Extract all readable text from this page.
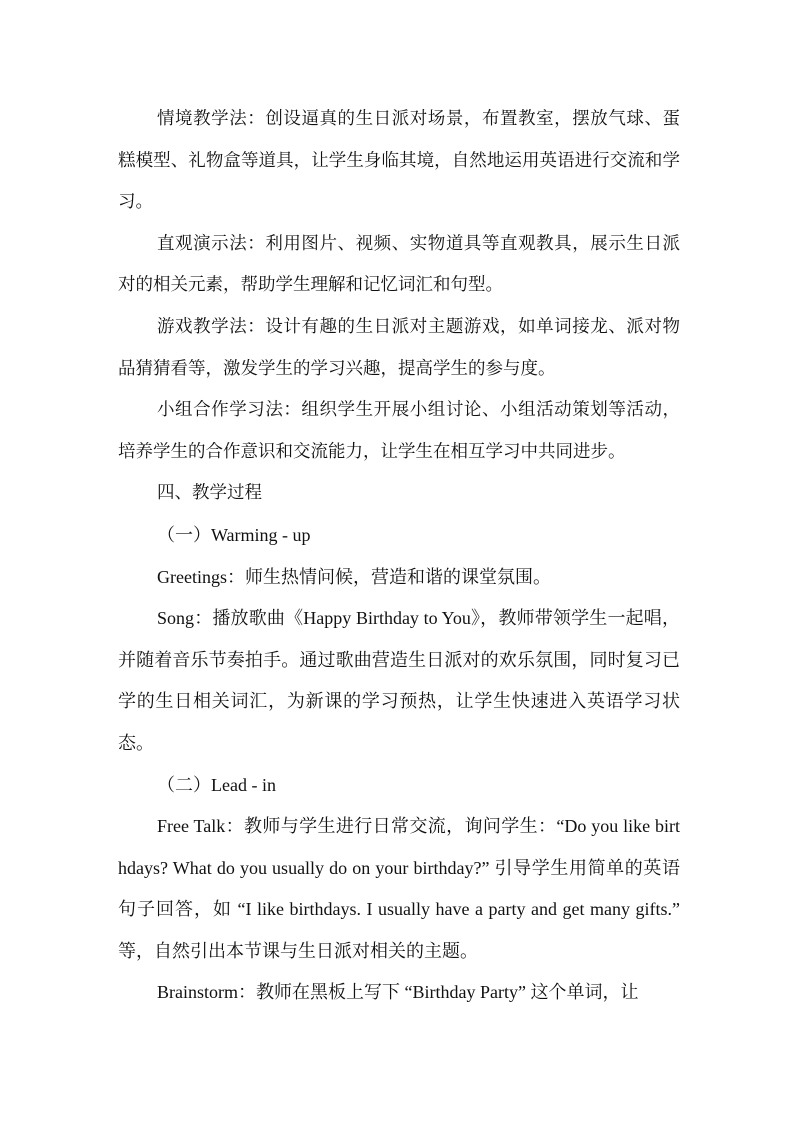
情境教学法：创设逼真的生日派对场景，布置教室，摆放气球、蛋糕模型、礼物盒等道具，让学生身临其境，自然地运用英语进行交流和学习。

直观演示法：利用图片、视频、实物道具等直观教具，展示生日派对的相关元素，帮助学生理解和记忆词汇和句型。

游戏教学法：设计有趣的生日派对主题游戏，如单词接龙、派对物品猜猜看等，激发学生的学习兴趣，提高学生的参与度。

小组合作学习法：组织学生开展小组讨论、小组活动策划等活动，培养学生的合作意识和交流能力，让学生在相互学习中共同进步。

四、教学过程

（一）Warming - up

Greetings：师生热情问候，营造和谐的课堂氛围。

Song：播放歌曲《Happy Birthday to You》，教师带领学生一起唱，并随着音乐节奏拍手。通过歌曲营造生日派对的欢乐氛围，同时复习已学的生日相关词汇，为新课的学习预热，让学生快速进入英语学习状态。

（二）Lead - in

Free Talk：教师与学生进行日常交流，询问学生：“Do you like birthdays? What do you usually do on your birthday?” 引导学生用简单的英语句子回答，如 “I like birthdays. I usually have a party and get many gifts.” 等，自然引出本节课与生日派对相关的主题。

Brainstorm：教师在黑板上写下 “Birthday Party” 这个单词，让
